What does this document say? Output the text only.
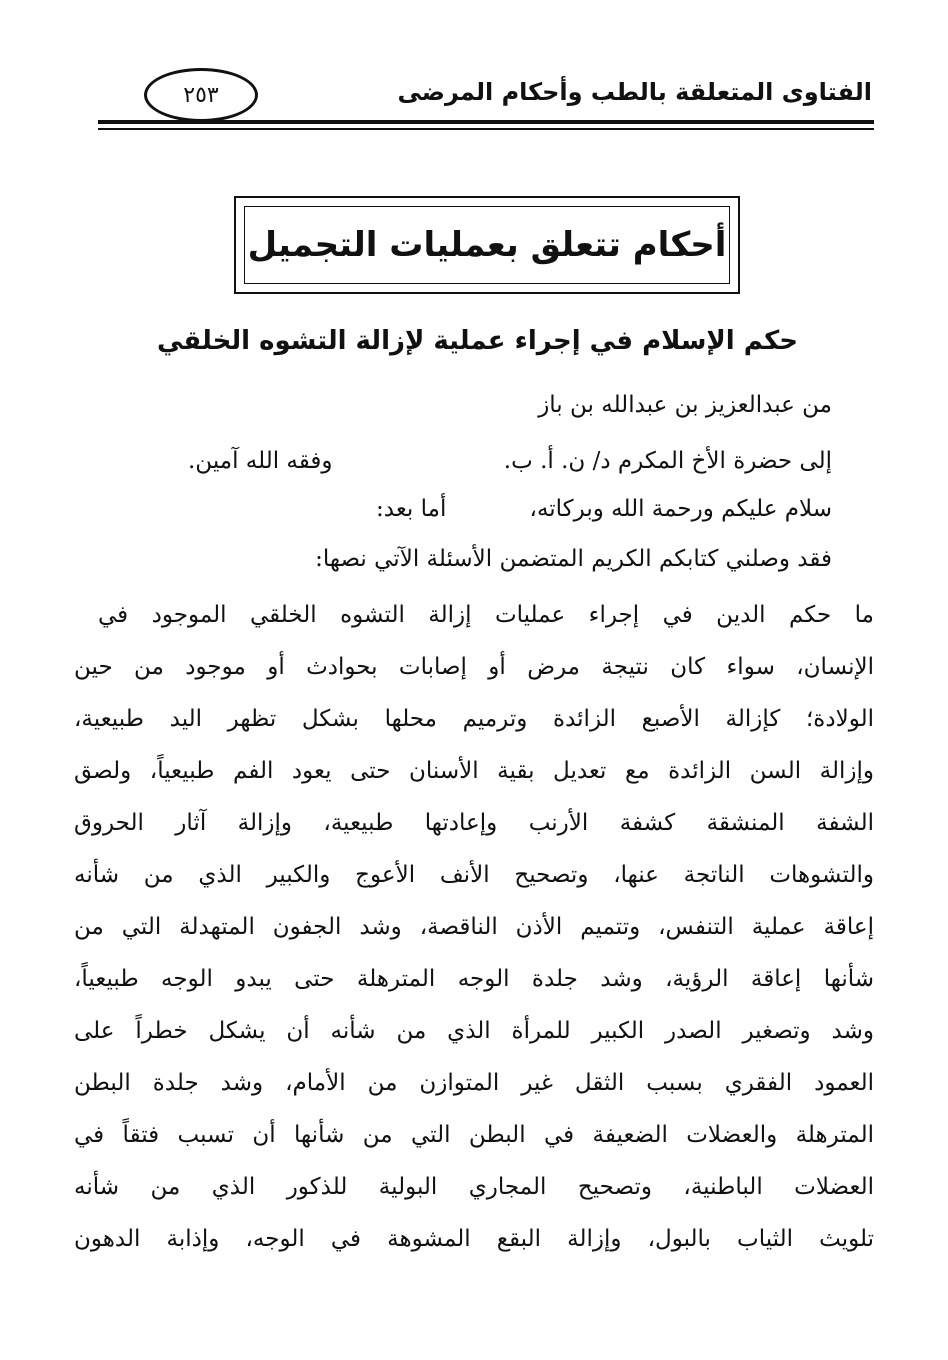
الفتاوى المتعلقة بالطب وأحكام المرضى
٢٥٣
أحكام تتعلق بعمليات التجميل
حكم الإسلام في إجراء عملية لإزالة التشوه الخلقي
من عبدالعزيز بن عبدالله بن باز
إلى حضرة الأخ المكرم د/ ن. أ. ب.
وفقه الله آمين.
سلام عليكم ورحمة الله وبركاته،
أما بعد:
فقد وصلني كتابكم الكريم المتضمن الأسئلة الآتي نصها:
ما حكم الدين في إجراء عمليات إزالة التشوه الخلقي الموجود في
الإنسان، سواء كان نتيجة مرض أو إصابات بحوادث أو موجود من حين
الولادة؛ كإزالة الأصبع الزائدة وترميم محلها بشكل تظهر اليد طبيعية،
وإزالة السن الزائدة مع تعديل بقية الأسنان حتى يعود الفم طبيعياً، ولصق
الشفة المنشقة كشفة الأرنب وإعادتها طبيعية، وإزالة آثار الحروق
والتشوهات الناتجة عنها، وتصحيح الأنف الأعوج والكبير الذي من شأنه
إعاقة عملية التنفس، وتتميم الأذن الناقصة، وشد الجفون المتهدلة التي من
شأنها إعاقة الرؤية، وشد جلدة الوجه المترهلة حتى يبدو الوجه طبيعياً،
وشد وتصغير الصدر الكبير للمرأة الذي من شأنه أن يشكل خطراً على
العمود الفقري بسبب الثقل غير المتوازن من الأمام، وشد جلدة البطن
المترهلة والعضلات الضعيفة في البطن التي من شأنها أن تسبب فتقاً في
العضلات الباطنية، وتصحيح المجاري البولية للذكور الذي من شأنه
تلويث الثياب بالبول، وإزالة البقع المشوهة في الوجه، وإذابة الدهون
